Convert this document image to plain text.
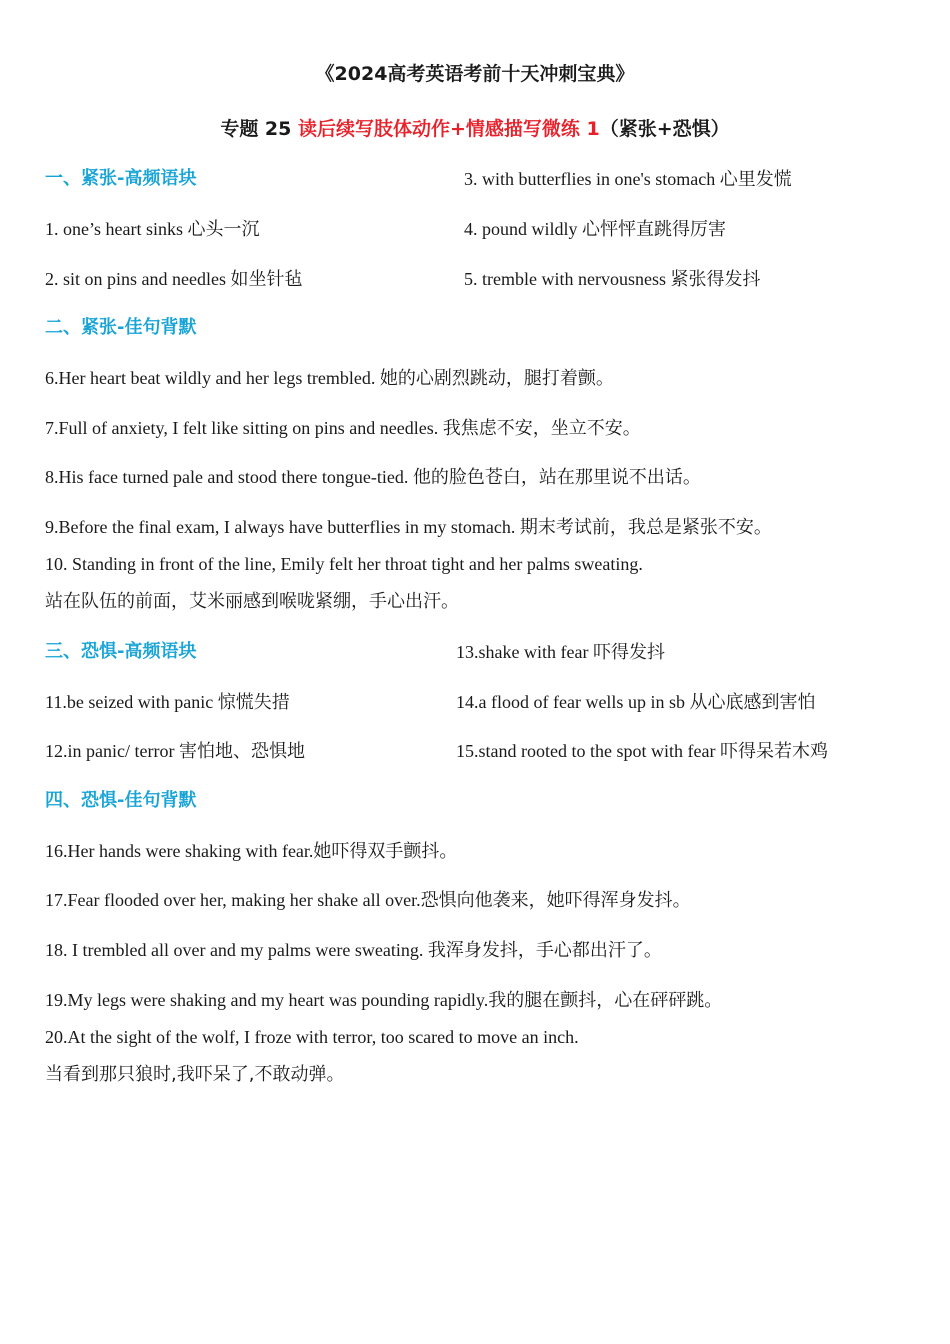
《2024高考英语考前十天冲刺宝典》
专题 25 读后续写肢体动作+情感描写微练 1（紧张+恐惧）
一、紧张-高频语块
1. one’s heart sinks 心头一沉
2. sit on pins and needles 如坐针毡
3. with butterflies in one's stomach 心里发慌
4. pound wildly 心怦怦直跳得厉害
5. tremble with nervousness 紧张得发抖
二、紧张-佳句背默
6.Her heart beat wildly and her legs trembled. 她的心剧烈跳动，腿打着颤。
7.Full of anxiety, I felt like sitting on pins and needles. 我焦虑不安，坐立不安。
8.His face turned pale and stood there tongue-tied. 他的脸色苍白，站在那里说不出话。
9.Before the final exam, I always have butterflies in my stomach. 期末考试前，我总是紧张不安。
10. Standing in front of the line, Emily felt her throat tight and her palms sweating.
站在队伍的前面，艾米丽感到喉咙紧绷，手心出汗。
三、恐惧-高频语块
11.be seized with panic 惊慌失措
12.in panic/ terror 害怕地、恐惧地
13.shake with fear 吓得发抖
14.a flood of fear wells up in sb 从心底感到害怕
15.stand rooted to the spot with fear 吓得呆若木鸡
四、恐惧-佳句背默
16.Her hands were shaking with fear.她吓得双手颤抖。
17.Fear flooded over her, making her shake all over.恐惧向他袭来，她吓得浑身发抖。
18. I trembled all over and my palms were sweating. 我浑身发抖，手心都出汗了。
19.My legs were shaking and my heart was pounding rapidly.我的腿在颤抖，心在砰砰跳。
20.At the sight of the wolf, I froze with terror, too scared to move an inch.
当看到那只狼时,我吓呆了,不敢动弹。
